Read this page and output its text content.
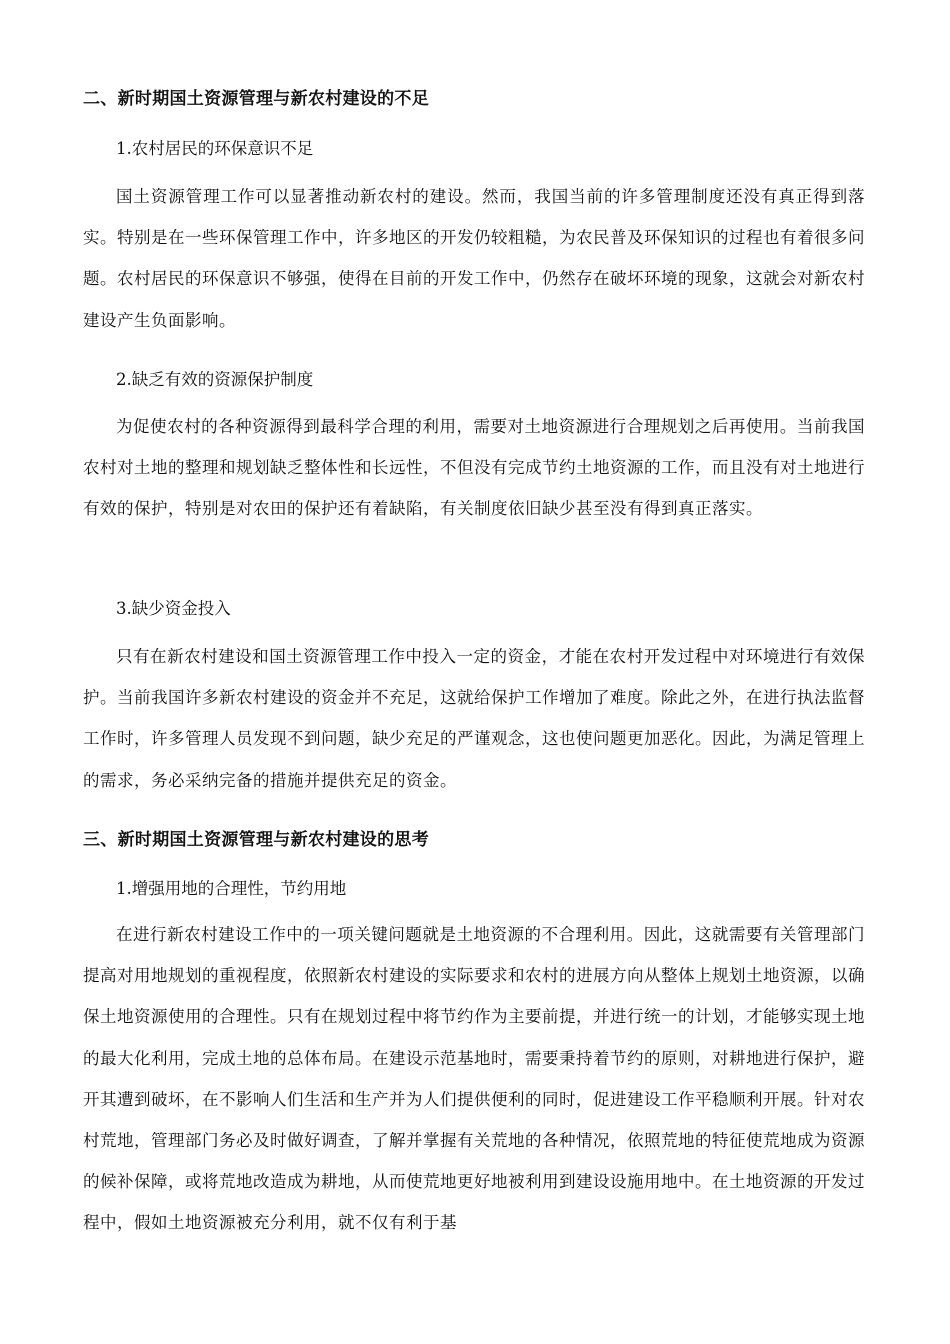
二、新时期国土资源管理与新农村建设的不足
1.农村居民的环保意识不足

国土资源管理工作可以显著推动新农村的建设。然而，我国当前的许多管理制度还没有真正得到落实。特别是在一些环保管理工作中，许多地区的开发仍较粗糙，为农民普及环保知识的过程也有着很多问题。农村居民的环保意识不够强，使得在目前的开发工作中，仍然存在破坏环境的现象，这就会对新农村建设产生负面影响。

2.缺乏有效的资源保护制度

为促使农村的各种资源得到最科学合理的利用，需要对土地资源进行合理规划之后再使用。当前我国农村对土地的整理和规划缺乏整体性和长远性，不但没有完成节约土地资源的工作，而且没有对土地进行有效的保护，特别是对农田的保护还有着缺陷，有关制度依旧缺少甚至没有得到真正落实。

3.缺少资金投入

只有在新农村建设和国土资源管理工作中投入一定的资金，才能在农村开发过程中对环境进行有效保护。当前我国许多新农村建设的资金并不充足，这就给保护工作增加了难度。除此之外，在进行执法监督工作时，许多管理人员发现不到问题，缺少充足的严谨观念，这也使问题更加恶化。因此，为满足管理上的需求，务必采纳完备的措施并提供充足的资金。

三、新时期国土资源管理与新农村建设的思考
1.增强用地的合理性，节约用地

在进行新农村建设工作中的一项关键问题就是土地资源的不合理利用。因此，这就需要有关管理部门提高对用地规划的重视程度，依照新农村建设的实际要求和农村的进展方向从整体上规划土地资源，以确保土地资源使用的合理性。只有在规划过程中将节约作为主要前提，并进行统一的计划，才能够实现土地的最大化利用，完成土地的总体布局。在建设示范基地时，需要秉持着节约的原则，对耕地进行保护，避开其遭到破坏，在不影响人们生活和生产并为人们提供便利的同时，促进建设工作平稳顺利开展。针对农村荒地，管理部门务必及时做好调查，了解并掌握有关荒地的各种情况，依照荒地的特征使荒地成为资源的候补保障，或将荒地改造成为耕地，从而使荒地更好地被利用到建设设施用地中。在土地资源的开发过程中，假如土地资源被充分利用，就不仅有利于基
